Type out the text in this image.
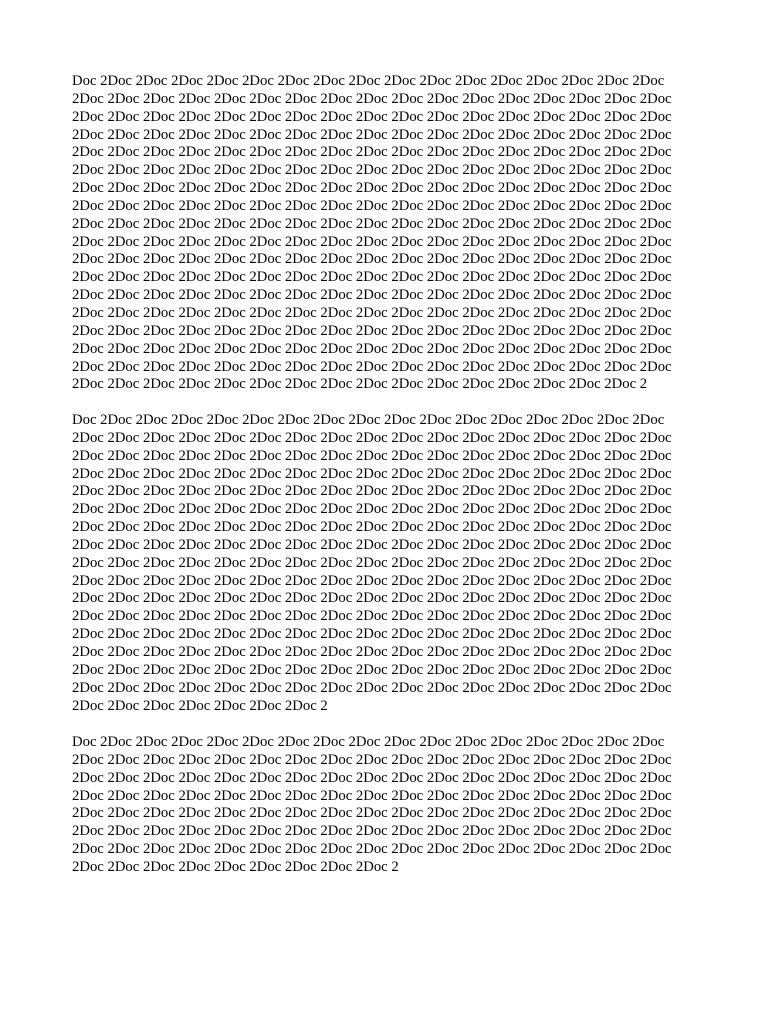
Doc 2Doc 2Doc 2Doc 2Doc 2Doc 2Doc 2Doc 2Doc 2Doc 2Doc 2Doc 2Doc 2Doc 2Doc 2Doc 2Doc
2Doc 2Doc 2Doc 2Doc 2Doc 2Doc 2Doc 2Doc 2Doc 2Doc 2Doc 2Doc 2Doc 2Doc 2Doc 2Doc 2Doc
2Doc 2Doc 2Doc 2Doc 2Doc 2Doc 2Doc 2Doc 2Doc 2Doc 2Doc 2Doc 2Doc 2Doc 2Doc 2Doc 2Doc
2Doc 2Doc 2Doc 2Doc 2Doc 2Doc 2Doc 2Doc 2Doc 2Doc 2Doc 2Doc 2Doc 2Doc 2Doc 2Doc 2Doc
2Doc 2Doc 2Doc 2Doc 2Doc 2Doc 2Doc 2Doc 2Doc 2Doc 2Doc 2Doc 2Doc 2Doc 2Doc 2Doc 2Doc
2Doc 2Doc 2Doc 2Doc 2Doc 2Doc 2Doc 2Doc 2Doc 2Doc 2Doc 2Doc 2Doc 2Doc 2Doc 2Doc 2Doc
2Doc 2Doc 2Doc 2Doc 2Doc 2Doc 2Doc 2Doc 2Doc 2Doc 2Doc 2Doc 2Doc 2Doc 2Doc 2Doc 2Doc
2Doc 2Doc 2Doc 2Doc 2Doc 2Doc 2Doc 2Doc 2Doc 2Doc 2Doc 2Doc 2Doc 2Doc 2Doc 2Doc 2Doc
2Doc 2Doc 2Doc 2Doc 2Doc 2Doc 2Doc 2Doc 2Doc 2Doc 2Doc 2Doc 2Doc 2Doc 2Doc 2Doc 2Doc
2Doc 2Doc 2Doc 2Doc 2Doc 2Doc 2Doc 2Doc 2Doc 2Doc 2Doc 2Doc 2Doc 2Doc 2Doc 2Doc 2Doc
2Doc 2Doc 2Doc 2Doc 2Doc 2Doc 2Doc 2Doc 2Doc 2Doc 2Doc 2Doc 2Doc 2Doc 2Doc 2Doc 2Doc
2Doc 2Doc 2Doc 2Doc 2Doc 2Doc 2Doc 2Doc 2Doc 2Doc 2Doc 2Doc 2Doc 2Doc 2Doc 2Doc 2Doc
2Doc 2Doc 2Doc 2Doc 2Doc 2Doc 2Doc 2Doc 2Doc 2Doc 2Doc 2Doc 2Doc 2Doc 2Doc 2Doc 2Doc
2Doc 2Doc 2Doc 2Doc 2Doc 2Doc 2Doc 2Doc 2Doc 2Doc 2Doc 2Doc 2Doc 2Doc 2Doc 2Doc 2Doc
2Doc 2Doc 2Doc 2Doc 2Doc 2Doc 2Doc 2Doc 2Doc 2Doc 2Doc 2Doc 2Doc 2Doc 2Doc 2Doc 2Doc
2Doc 2Doc 2Doc 2Doc 2Doc 2Doc 2Doc 2Doc 2Doc 2Doc 2Doc 2Doc 2Doc 2Doc 2Doc 2Doc 2Doc
2Doc 2Doc 2Doc 2Doc 2Doc 2Doc 2Doc 2Doc 2Doc 2Doc 2Doc 2Doc 2Doc 2Doc 2Doc 2Doc 2Doc
2Doc 2Doc 2Doc 2Doc 2Doc 2Doc 2Doc 2Doc 2Doc 2Doc 2Doc 2Doc 2Doc 2Doc 2Doc 2Doc 2
Doc 2Doc 2Doc 2Doc 2Doc 2Doc 2Doc 2Doc 2Doc 2Doc 2Doc 2Doc 2Doc 2Doc 2Doc 2Doc 2Doc
2Doc 2Doc 2Doc 2Doc 2Doc 2Doc 2Doc 2Doc 2Doc 2Doc 2Doc 2Doc 2Doc 2Doc 2Doc 2Doc 2Doc
2Doc 2Doc 2Doc 2Doc 2Doc 2Doc 2Doc 2Doc 2Doc 2Doc 2Doc 2Doc 2Doc 2Doc 2Doc 2Doc 2Doc
2Doc 2Doc 2Doc 2Doc 2Doc 2Doc 2Doc 2Doc 2Doc 2Doc 2Doc 2Doc 2Doc 2Doc 2Doc 2Doc 2Doc
2Doc 2Doc 2Doc 2Doc 2Doc 2Doc 2Doc 2Doc 2Doc 2Doc 2Doc 2Doc 2Doc 2Doc 2Doc 2Doc 2Doc
2Doc 2Doc 2Doc 2Doc 2Doc 2Doc 2Doc 2Doc 2Doc 2Doc 2Doc 2Doc 2Doc 2Doc 2Doc 2Doc 2Doc
2Doc 2Doc 2Doc 2Doc 2Doc 2Doc 2Doc 2Doc 2Doc 2Doc 2Doc 2Doc 2Doc 2Doc 2Doc 2Doc 2Doc
2Doc 2Doc 2Doc 2Doc 2Doc 2Doc 2Doc 2Doc 2Doc 2Doc 2Doc 2Doc 2Doc 2Doc 2Doc 2Doc 2Doc
2Doc 2Doc 2Doc 2Doc 2Doc 2Doc 2Doc 2Doc 2Doc 2Doc 2Doc 2Doc 2Doc 2Doc 2Doc 2Doc 2Doc
2Doc 2Doc 2Doc 2Doc 2Doc 2Doc 2Doc 2Doc 2Doc 2Doc 2Doc 2Doc 2Doc 2Doc 2Doc 2Doc 2Doc
2Doc 2Doc 2Doc 2Doc 2Doc 2Doc 2Doc 2Doc 2Doc 2Doc 2Doc 2Doc 2Doc 2Doc 2Doc 2Doc 2Doc
2Doc 2Doc 2Doc 2Doc 2Doc 2Doc 2Doc 2Doc 2Doc 2Doc 2Doc 2Doc 2Doc 2Doc 2Doc 2Doc 2Doc
2Doc 2Doc 2Doc 2Doc 2Doc 2Doc 2Doc 2Doc 2Doc 2Doc 2Doc 2Doc 2Doc 2Doc 2Doc 2Doc 2Doc
2Doc 2Doc 2Doc 2Doc 2Doc 2Doc 2Doc 2Doc 2Doc 2Doc 2Doc 2Doc 2Doc 2Doc 2Doc 2Doc 2Doc
2Doc 2Doc 2Doc 2Doc 2Doc 2Doc 2Doc 2Doc 2Doc 2Doc 2Doc 2Doc 2Doc 2Doc 2Doc 2Doc 2Doc
2Doc 2Doc 2Doc 2Doc 2Doc 2Doc 2Doc 2Doc 2Doc 2Doc 2Doc 2Doc 2Doc 2Doc 2Doc 2Doc 2Doc
2Doc 2Doc 2Doc 2Doc 2Doc 2Doc 2Doc 2
Doc 2Doc 2Doc 2Doc 2Doc 2Doc 2Doc 2Doc 2Doc 2Doc 2Doc 2Doc 2Doc 2Doc 2Doc 2Doc 2Doc
2Doc 2Doc 2Doc 2Doc 2Doc 2Doc 2Doc 2Doc 2Doc 2Doc 2Doc 2Doc 2Doc 2Doc 2Doc 2Doc 2Doc
2Doc 2Doc 2Doc 2Doc 2Doc 2Doc 2Doc 2Doc 2Doc 2Doc 2Doc 2Doc 2Doc 2Doc 2Doc 2Doc 2Doc
2Doc 2Doc 2Doc 2Doc 2Doc 2Doc 2Doc 2Doc 2Doc 2Doc 2Doc 2Doc 2Doc 2Doc 2Doc 2Doc 2Doc
2Doc 2Doc 2Doc 2Doc 2Doc 2Doc 2Doc 2Doc 2Doc 2Doc 2Doc 2Doc 2Doc 2Doc 2Doc 2Doc 2Doc
2Doc 2Doc 2Doc 2Doc 2Doc 2Doc 2Doc 2Doc 2Doc 2Doc 2Doc 2Doc 2Doc 2Doc 2Doc 2Doc 2Doc
2Doc 2Doc 2Doc 2Doc 2Doc 2Doc 2Doc 2Doc 2Doc 2Doc 2Doc 2Doc 2Doc 2Doc 2Doc 2Doc 2Doc
2Doc 2Doc 2Doc 2Doc 2Doc 2Doc 2Doc 2Doc 2Doc 2
